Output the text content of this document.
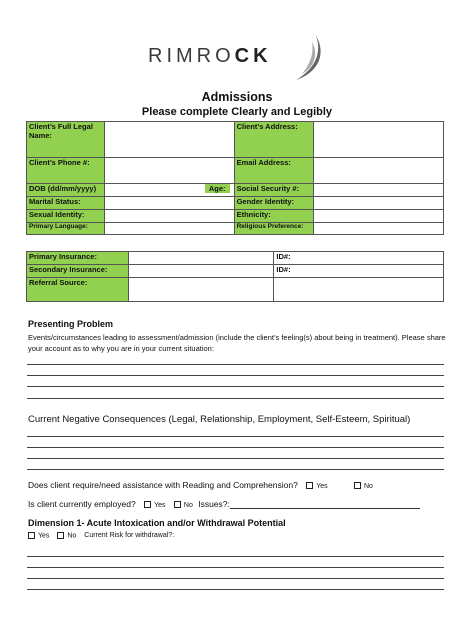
RIMROCK
Admissions
Please complete Clearly and Legibly
Client’s Full Legal Name:		Client’s Address:	
Client’s Phone #:		Email Address:	
DOB (dd/mm/yyyy)	Age:	Social Security #:	
Marital Status:		Gender Identity:	
Sexual Identity:		Ethnicity:	
Primary Language:		Religious Preference:	
Primary Insurance:		ID#:
Secondary Insurance:		ID#:
Referral Source:		
Presenting Problem
Events/circumstances leading to assessment/admission (include the client’s feeling(s) about being in treatment). Please share your account as to why you are in your current situation:
Current Negative Consequences (Legal, Relationship, Employment, Self-Esteem, Spiritual)
Does client require/need assistance with Reading and Comprehension?	Yes	No
Is client currently employed?	Yes	No Issues?:
Dimension 1- Acute Intoxication and/or Withdrawal Potential
Yes	No Current Risk for withdrawal?:
